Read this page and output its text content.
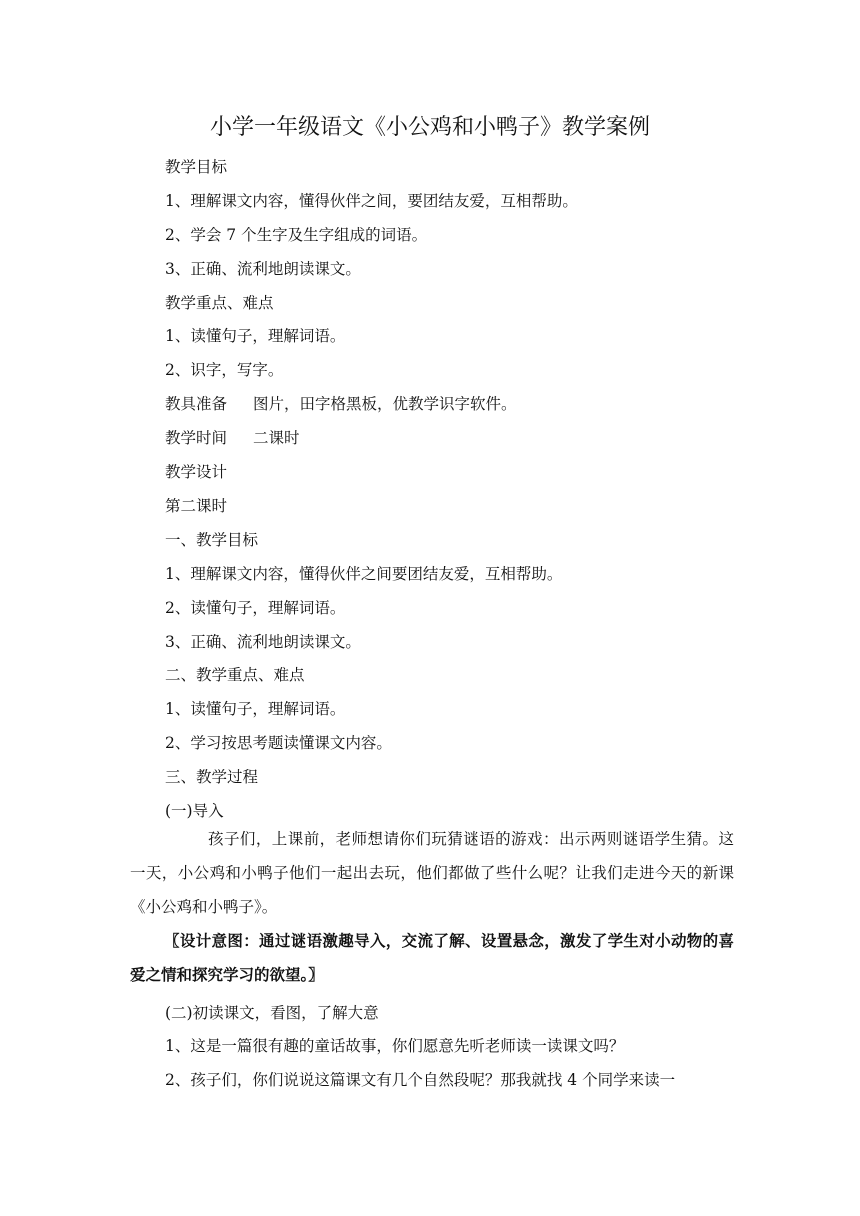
小学一年级语文《小公鸡和小鸭子》教学案例
教学目标
1、理解课文内容，懂得伙伴之间，要团结友爱，互相帮助。
2、学会 7 个生字及生字组成的词语。
3、正确、流利地朗读课文。
教学重点、难点
1、读懂句子，理解词语。
2、识字，写字。
教具准备 图片，田字格黑板，优教学识字软件。
教学时间 二课时
教学设计
第二课时
一、教学目标
1、理解课文内容，懂得伙伴之间要团结友爱，互相帮助。
2、读懂句子，理解词语。
3、正确、流利地朗读课文。
二、教学重点、难点
1、读懂句子，理解词语。
2、学习按思考题读懂课文内容。
三、教学过程
(一)导入
孩子们，上课前，老师想请你们玩猜谜语的游戏：出示两则谜语学生猜。这一天，小公鸡和小鸭子他们一起出去玩，他们都做了些什么呢？让我们走进今天的新课《小公鸡和小鸭子》。
〖设计意图：通过谜语激趣导入，交流了解、设置悬念，激发了学生对小动物的喜爱之情和探究学习的欲望。〗
(二)初读课文，看图，了解大意
1、这是一篇很有趣的童话故事，你们愿意先听老师读一读课文吗？
2、孩子们，你们说说这篇课文有几个自然段呢？那我就找 4 个同学来读一
